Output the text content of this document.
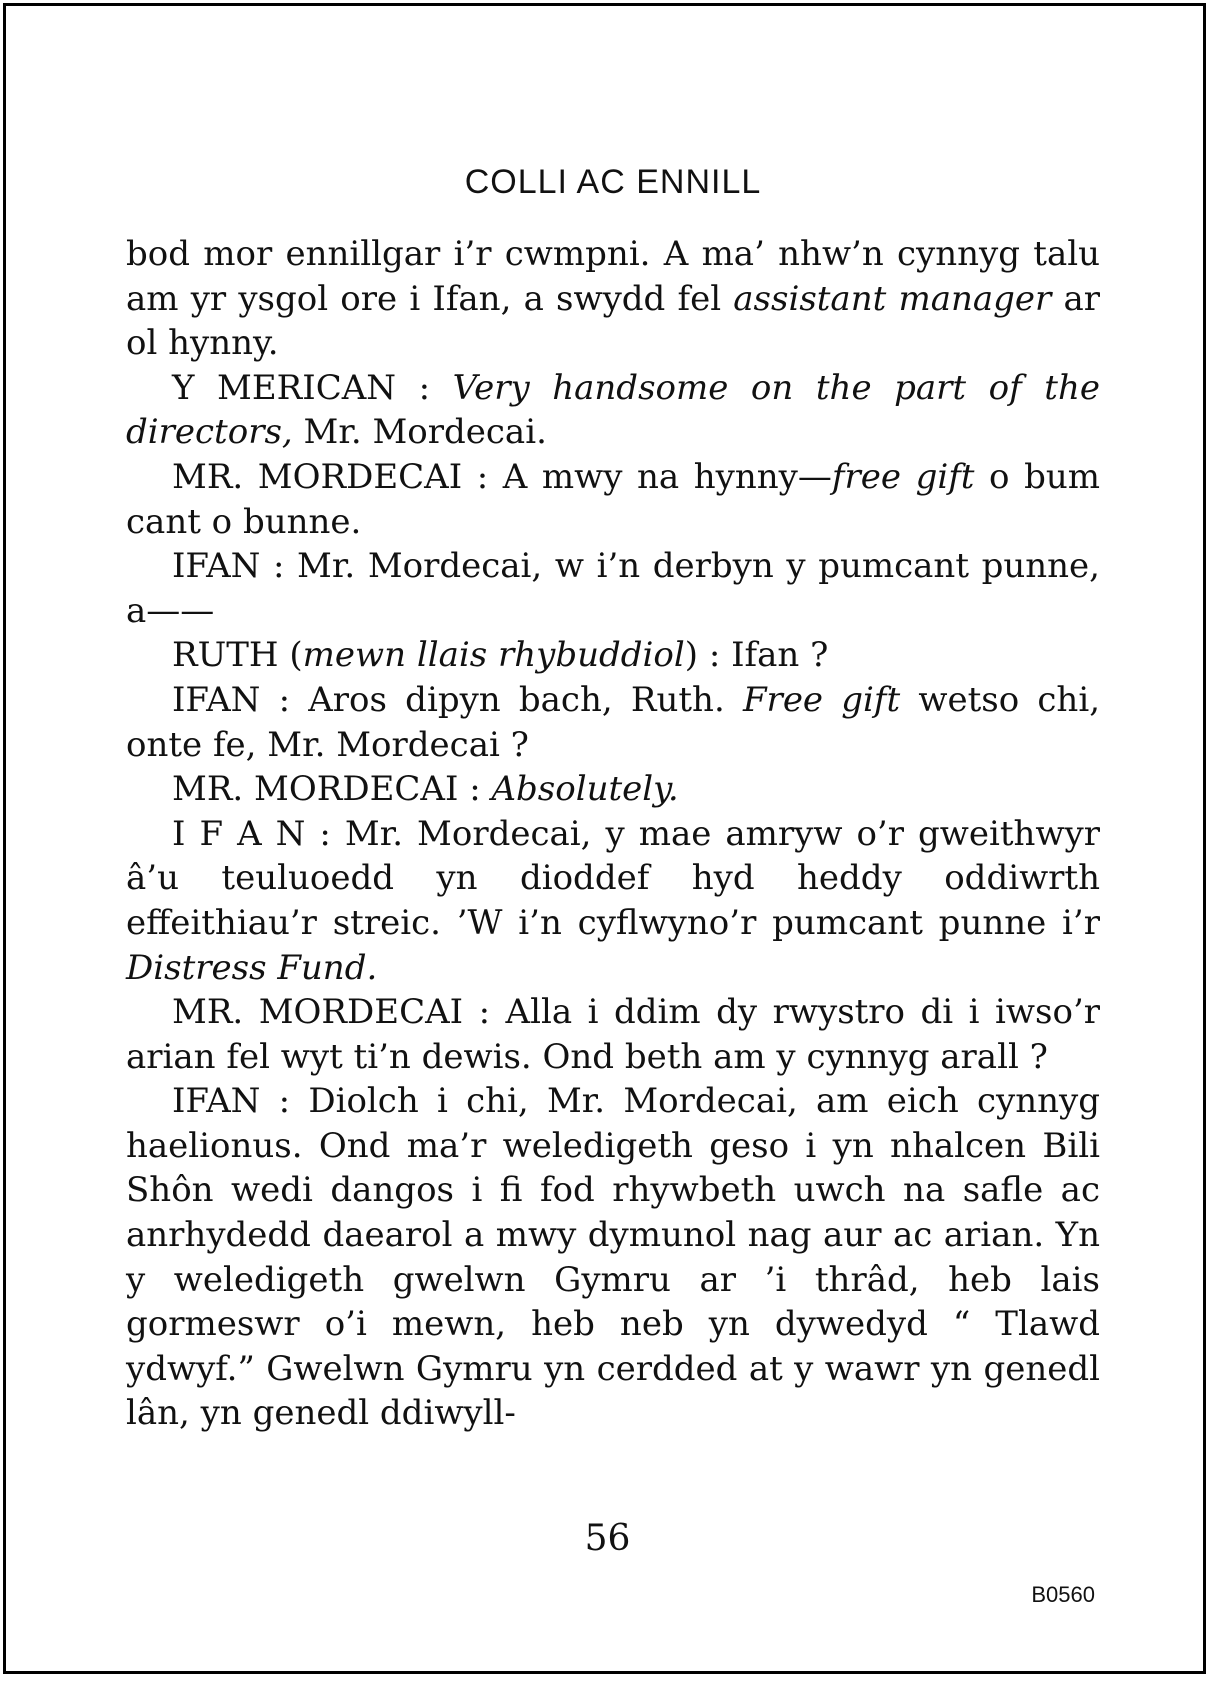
COLLI AC ENNILL

bod mor ennillgar i’r cwmpni. A ma’ nhw’n cynnyg talu am yr ysgol ore i Ifan, a swydd fel assistant manager ar ol hynny.

Y MERICAN : Very handsome on the part of the directors, Mr. Mordecai.

MR. MORDECAI : A mwy na hynny—free gift o bum cant o bunne.

IFAN : Mr. Mordecai, w i’n derbyn y pumcant punne, a——

RUTH (mewn llais rhybuddiol) : Ifan ?

IFAN : Aros dipyn bach, Ruth. Free gift wetso chi, onte fe, Mr. Mordecai ?

MR. MORDECAI : Absolutely.

I F A N : Mr. Mordecai, y mae amryw o’r gweithwyr â’u teuluoedd yn dioddef hyd heddy oddiwrth effeithiau’r streic. ’W i’n cyflwyno’r pumcant punne i’r Distress Fund.

MR. MORDECAI : Alla i ddim dy rwystro di i iwso’r arian fel wyt ti’n dewis. Ond beth am y cynnyg arall ?

IFAN : Diolch i chi, Mr. Mordecai, am eich cynnyg haelionus. Ond ma’r weledigeth geso i yn nhalcen Bili Shôn wedi dangos i fi fod rhywbeth uwch na safle ac anrhydedd daearol a mwy dymunol nag aur ac arian. Yn y weledigeth gwelwn Gymru ar ’i thrâd, heb lais gormeswr o’i mewn, heb neb yn dywedyd “ Tlawd ydwyf.” Gwelwn Gymru yn cerdded at y wawr yn genedl lân, yn genedl ddiwyll-

56
B0560
